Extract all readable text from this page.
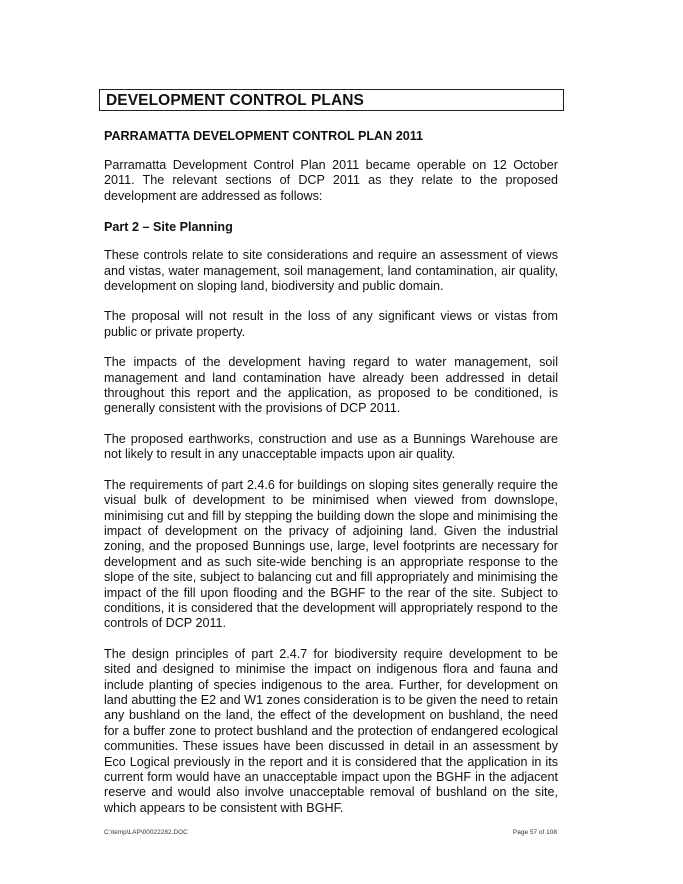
DEVELOPMENT CONTROL PLANS
PARRAMATTA DEVELOPMENT CONTROL PLAN 2011

Parramatta Development Control Plan 2011 became operable on 12 October 2011. The relevant sections of DCP 2011 as they relate to the proposed development are addressed as follows:

Part 2 – Site Planning

These controls relate to site considerations and require an assessment of views and vistas, water management, soil management, land contamination, air quality, development on sloping land, biodiversity and public domain.

The proposal will not result in the loss of any significant views or vistas from public or private property.

The impacts of the development having regard to water management, soil management and land contamination have already been addressed in detail throughout this report and the application, as proposed to be conditioned, is generally consistent with the provisions of DCP 2011.

The proposed earthworks, construction and use as a Bunnings Warehouse are not likely to result in any unacceptable impacts upon air quality.

The requirements of part 2.4.6 for buildings on sloping sites generally require the visual bulk of development to be minimised when viewed from downslope, minimising cut and fill by stepping the building down the slope and minimising the impact of development on the privacy of adjoining land. Given the industrial zoning, and the proposed Bunnings use, large, level footprints are necessary for development and as such site-wide benching is an appropriate response to the slope of the site, subject to balancing cut and fill appropriately and minimising the impact of the fill upon flooding and the BGHF to the rear of the site. Subject to conditions, it is considered that the development will appropriately respond to the controls of DCP 2011.

The design principles of part 2.4.7 for biodiversity require development to be sited and designed to minimise the impact on indigenous flora and fauna and include planting of species indigenous to the area. Further, for development on land abutting the E2 and W1 zones consideration is to be given the need to retain any bushland on the land, the effect of the development on bushland, the need for a buffer zone to protect bushland and the protection of endangered ecological communities. These issues have been discussed in detail in an assessment by Eco Logical previously in the report and it is considered that the application in its current form would have an unacceptable impact upon the BGHF in the adjacent reserve and would also involve unacceptable removal of bushland on the site, which appears to be consistent with BGHF.

C:\temp\LAP\00022282.DOC	Page 57 of 108
